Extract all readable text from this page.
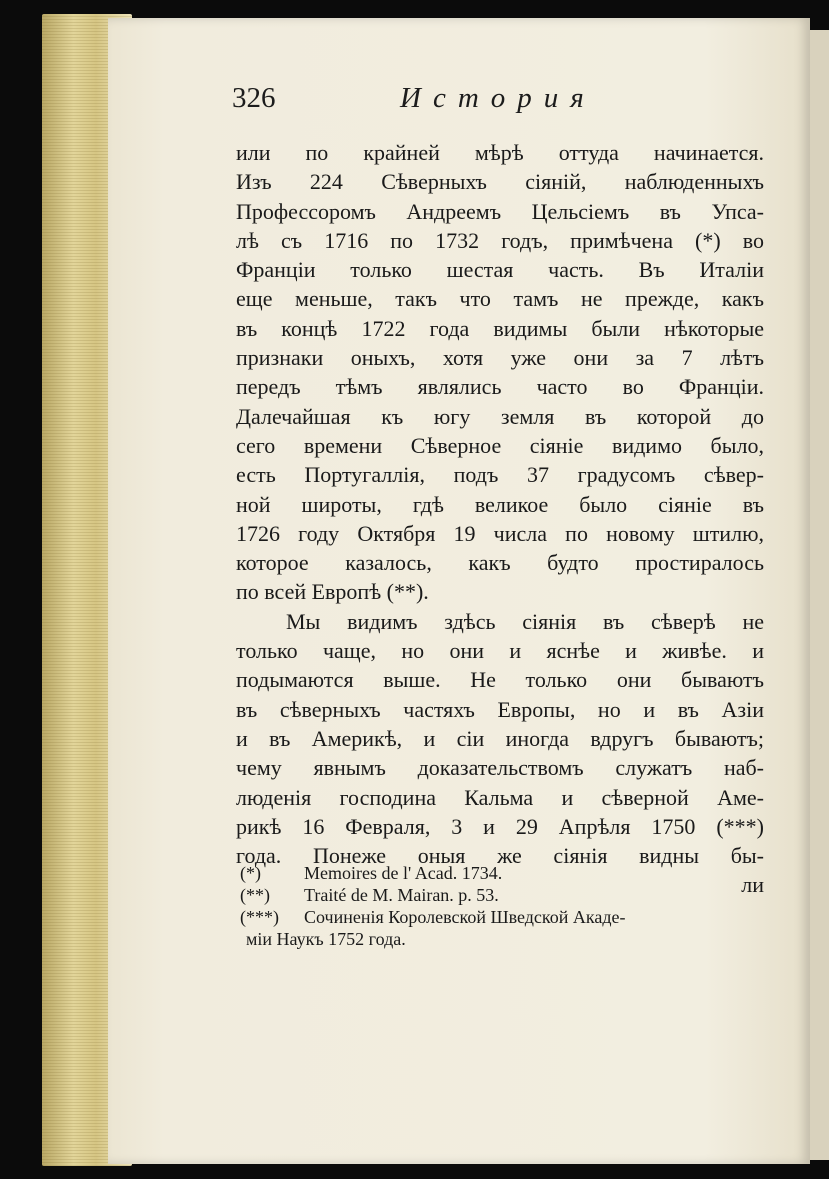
326	История
или по крайней мѣрѣ оттуда начинается.
Изъ 224 Сѣверныхъ сіяній, наблюденныхъ
Профессоромъ Андреемъ Цельсіемъ въ Упса-
лѣ съ 1716 по 1732 годъ, примѣчена (*) во
Франціи только шестая часть. Въ Италіи
еще меньше, такъ что тамъ не прежде, какъ
въ концѣ 1722 года видимы были нѣкоторые
признаки оныхъ, хотя уже они за 7 лѣтъ
передъ тѣмъ являлись часто во Франціи.
Далечайшая къ югу земля въ которой до
сего времени Сѣверное сіяніе видимо было,
есть Португаллія, подъ 37 градусомъ сѣвер-
ной широты, гдѣ великое было сіяніе въ
1726 году Октября 19 числа по новому штилю,
которое казалось, какъ будто простиралось
по всей Европѣ (**).
Мы видимъ здѣсь сіянія въ сѣверѣ не
только чаще, но они и яснѣе и живѣе. и
подымаются выше. Не только они бываютъ
въ сѣверныхъ частяхъ Европы, но и въ Азіи
и въ Америкѣ, и сіи иногда вдругъ бываютъ;
чему явнымъ доказательствомъ служатъ наб-
люденія господина Кальма и сѣверной Аме-
рикѣ 16 Февраля, 3 и 29 Апрѣля 1750 (***)
года. Понеже оныя же сіянія видны бы-
ли
(*) Memoires de l' Acad. 1734.
(**) Traité de M. Mairan. p. 53.
(***) Сочиненія Королевской Шведской Акаде-
міи Наукъ 1752 года.
